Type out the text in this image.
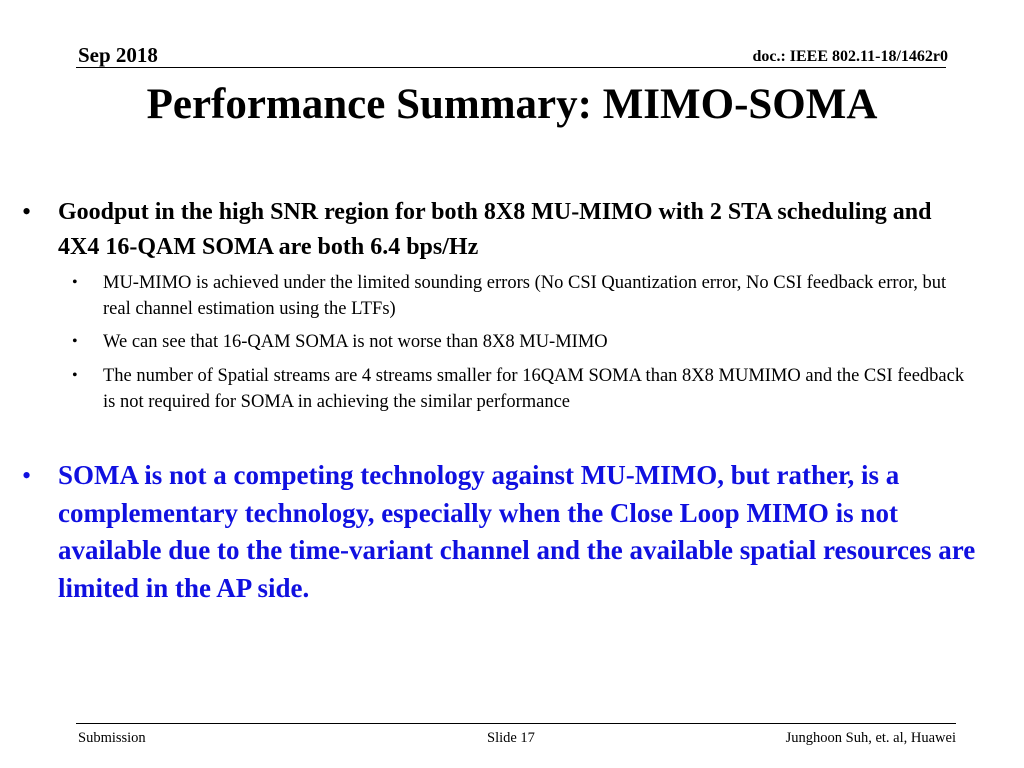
Sep 2018	doc.: IEEE 802.11-18/1462r0
Performance Summary: MIMO-SOMA
• Goodput in the high SNR region for both 8X8 MU-MIMO with 2 STA scheduling and 4X4 16-QAM SOMA are both 6.4 bps/Hz
• MU-MIMO is achieved under the limited sounding errors (No CSI Quantization error, No CSI feedback error, but real channel estimation using the LTFs)
• We can see that 16-QAM SOMA is not worse than 8X8 MU-MIMO
• The number of Spatial streams are 4 streams smaller for 16QAM SOMA than 8X8 MUMIMO and the CSI feedback is not required for SOMA in achieving the similar performance
• SOMA is not a competing technology against MU-MIMO, but rather, is a complementary technology, especially when the Close Loop MIMO is not available due to the time-variant channel and the available spatial resources are limited in the AP side.
Submission	Slide 17	Junghoon Suh, et. al, Huawei
